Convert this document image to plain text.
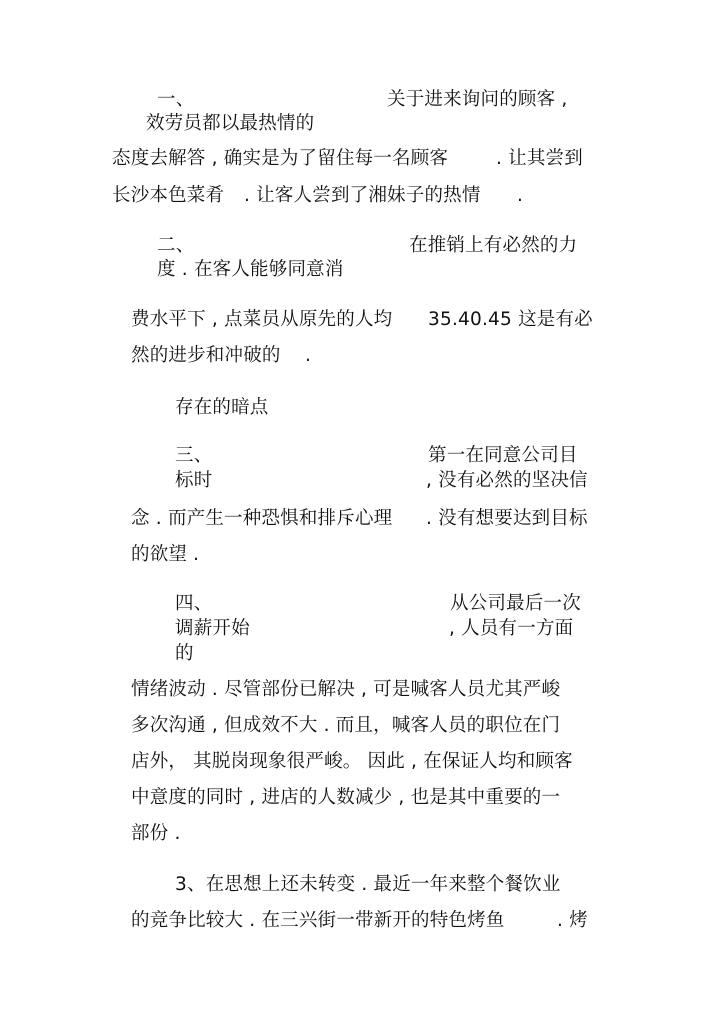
一、	关于进来询问的顾客 ,
效劳员都以最热情的
态度去解答 , 确实是为了留住每一名顾客	. 让其尝到
长沙本色菜肴 . 让客人尝到了湘妹子的热情 .
二、	在推销上有必然的力
度 . 在客人能够同意消
费水平下 , 点菜员从原先的人均 35.40.45 这是有必
然的进步和冲破的 .
存在的暗点
三、	第一在同意公司目
标时	, 没有必然的坚决信
念 . 而产生一种恐惧和排斥心理 . 没有想要达到目标
的欲望 .
四、	从公司最后一次
调薪开始	, 人员有一方面
的
情绪波动 . 尽管部份已解决 , 可是喊客人员尤其严峻
多次沟通 , 但成效不大 . 而且，喊客人员的职位在门
店外， 其脱岗现象很严峻。 因此 , 在保证人均和顾客
中意度的同时 , 进店的人数减少 , 也是其中重要的一
部份 .
3、在思想上还未转变 . 最近一年来整个餐饮业
的竞争比较大 . 在三兴街一带新开的特色烤鱼	. 烤
